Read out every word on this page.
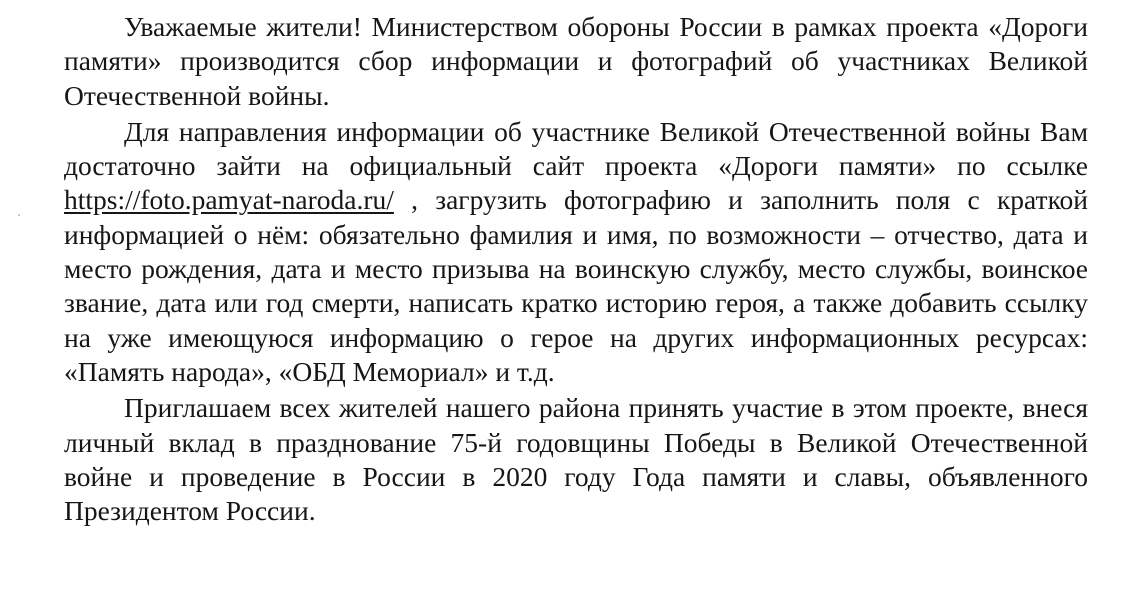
Уважаемые жители! Министерством обороны России в рамках проекта «Дороги памяти» производится сбор информации и фотографий об участниках Великой Отечественной войны.

Для направления информации об участнике Великой Отечественной войны Вам достаточно зайти на официальный сайт проекта «Дороги памяти» по ссылке https://foto.pamyat-naroda.ru/ , загрузить фотографию и заполнить поля с краткой информацией о нём: обязательно фамилия и имя, по возможности – отчество, дата и место рождения, дата и место призыва на воинскую службу, место службы, воинское звание, дата или год смерти, написать кратко историю героя, а также добавить ссылку на уже имеющуюся информацию о герое на других информационных ресурсах: «Память народа», «ОБД Мемориал» и т.д.

Приглашаем всех жителей нашего района принять участие в этом проекте, внеся личный вклад в празднование 75-й годовщины Победы в Великой Отечественной войне и проведение в России в 2020 году Года памяти и славы, объявленного Президентом России.
